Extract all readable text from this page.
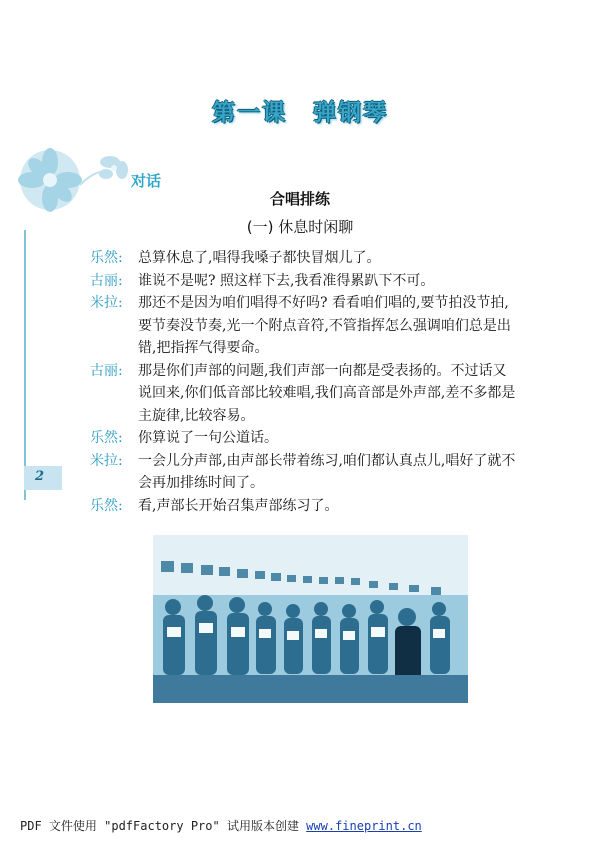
第一课 弹钢琴
对话
2
合唱排练
(一) 休息时闲聊
乐然:	总算休息了,唱得我嗓子都快冒烟儿了。
古丽:	谁说不是呢? 照这样下去,我看准得累趴下不可。
米拉:	那还不是因为咱们唱得不好吗? 看看咱们唱的,要节拍没节拍,要节奏没节奏,光一个附点音符,不管指挥怎么强调咱们总是出错,把指挥气得要命。
古丽:	那是你们声部的问题,我们声部一向都是受表扬的。不过话又说回来,你们低音部比较难唱,我们高音部是外声部,差不多都是主旋律,比较容易。
乐然:	你算说了一句公道话。
米拉:	一会儿分声部,由声部长带着练习,咱们都认真点儿,唱好了就不会再加排练时间了。
乐然:	看,声部长开始召集声部练习了。
PDF 文件使用 "pdfFactory Pro" 试用版本创建 www.fineprint.cn
